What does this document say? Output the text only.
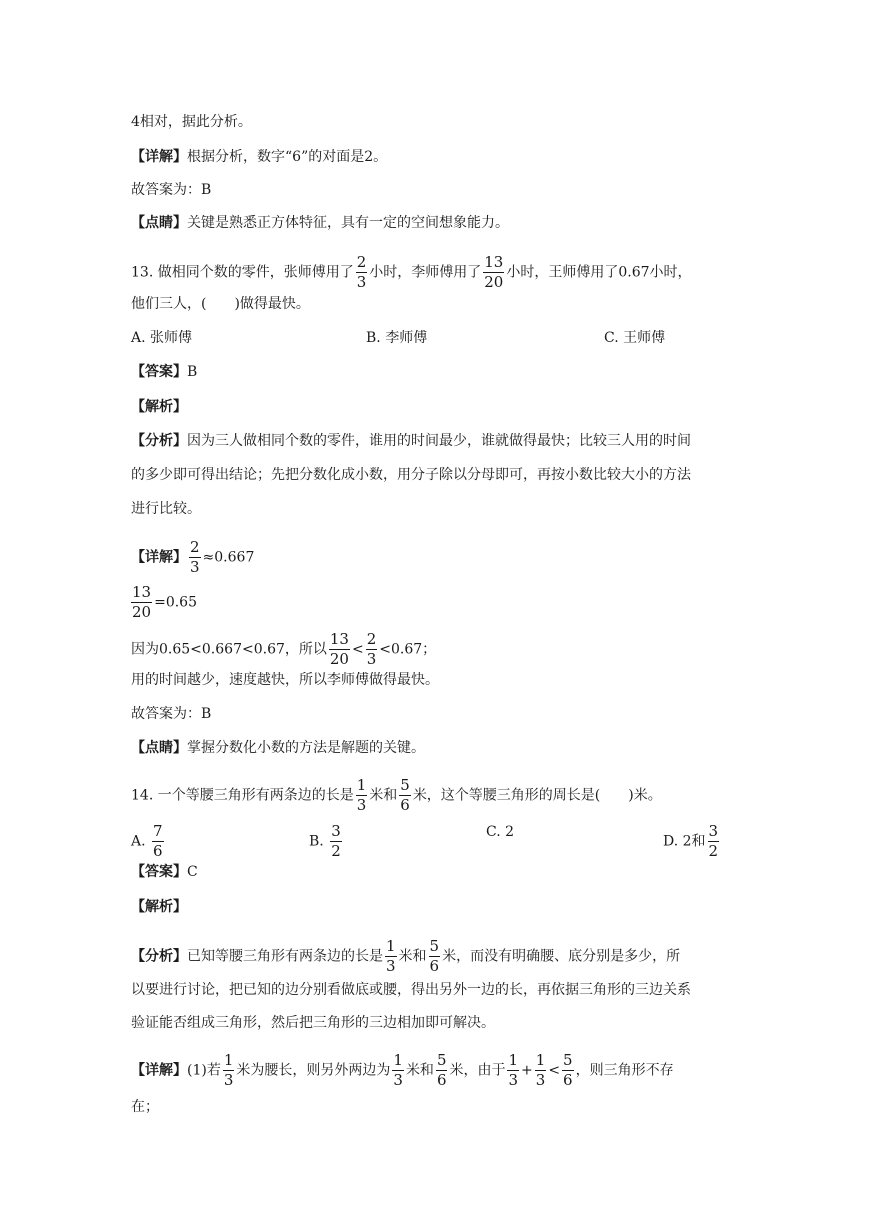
4相对，据此分析。
【详解】根据分析，数字“6”的对面是2。
故答案为：B
【点睛】关键是熟悉正方体特征，具有一定的空间想象能力。
13. 做相同个数的零件，张师傅用了 $\frac{2}{3}$ 小时，李师傅用了 $\frac{13}{20}$ 小时，王师傅用了0.67小时，
他们三人，(　　)做得最快。
A. 张师傅	B. 李师傅	C. 王师傅
【答案】B
【解析】
【分析】因为三人做相同个数的零件，谁用的时间最少，谁就做得最快；比较三人用的时间
的多少即可得出结论；先把分数化成小数，用分子除以分母即可，再按小数比较大小的方法
进行比较。
【详解】 $\frac{2}{3} \approx 0.667$
$\frac{13}{20} =0.65$
因为0.65<0.667<0.67，所以 $\frac{13}{20} < \frac{2}{3} <0.67$；
用的时间越少，速度越快，所以李师傅做得最快。
故答案为：B
【点睛】掌握分数化小数的方法是解题的关键。
14. 一个等腰三角形有两条边的长是 $\frac{1}{3}$ 米和 $\frac{5}{6}$ 米，这个等腰三角形的周长是(　　)米。
A. $\frac{7}{6}$	B. $\frac{3}{2}$	C. 2
D. 2和 $\frac{3}{2}$
【答案】C
【解析】
【分析】已知等腰三角形有两条边的长是 $\frac{1}{3}$ 米和 $\frac{5}{6}$ 米，而没有明确腰、底分别是多少，所
以要进行讨论，把已知的边分别看做底或腰，得出另外一边的长，再依据三角形的三边关系
验证能否组成三角形，然后把三角形的三边相加即可解决。
【详解】(1)若 $\frac{1}{3}$ 米为腰长，则另外两边为 $\frac{1}{3}$ 米和 $\frac{5}{6}$ 米，由于 $\frac{1}{3} + \frac{1}{3} < \frac{5}{6}$ ，则三角形不存
在；
